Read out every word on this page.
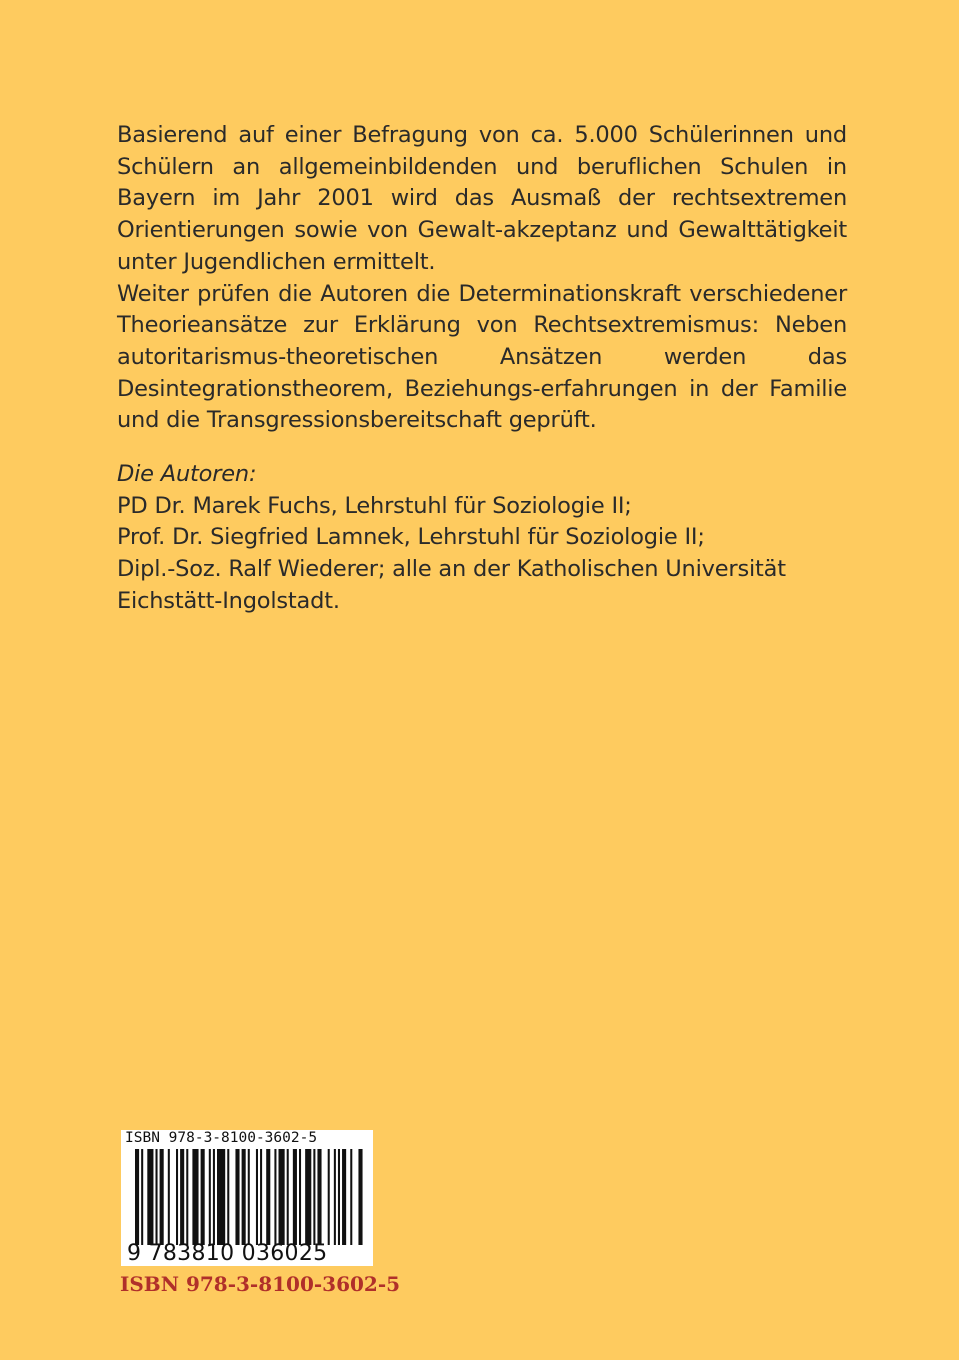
Basierend auf einer Befragung von ca. 5.000 Schülerinnen und Schülern an allgemeinbildenden und beruflichen Schulen in Bayern im Jahr 2001 wird das Ausmaß der rechtsextremen Orientierungen sowie von Gewalt-akzeptanz und Gewalttätigkeit unter Jugendlichen ermittelt.

Weiter prüfen die Autoren die Determinationskraft verschiedener Theorieansätze zur Erklärung von Rechtsextremismus: Neben autoritarismus-theoretischen Ansätzen werden das Desintegrationstheorem, Beziehungs-erfahrungen in der Familie und die Transgressionsbereitschaft geprüft.

Die Autoren:
PD Dr. Marek Fuchs, Lehrstuhl für Soziologie II;
Prof. Dr. Siegfried Lamnek, Lehrstuhl für Soziologie II;
Dipl.-Soz. Ralf Wiederer; alle an der Katholischen Universität
Eichstätt-Ingolstadt.

ISBN 978-3-8100-3602-5
9 783810 036025
ISBN 978-3-8100-3602-5
